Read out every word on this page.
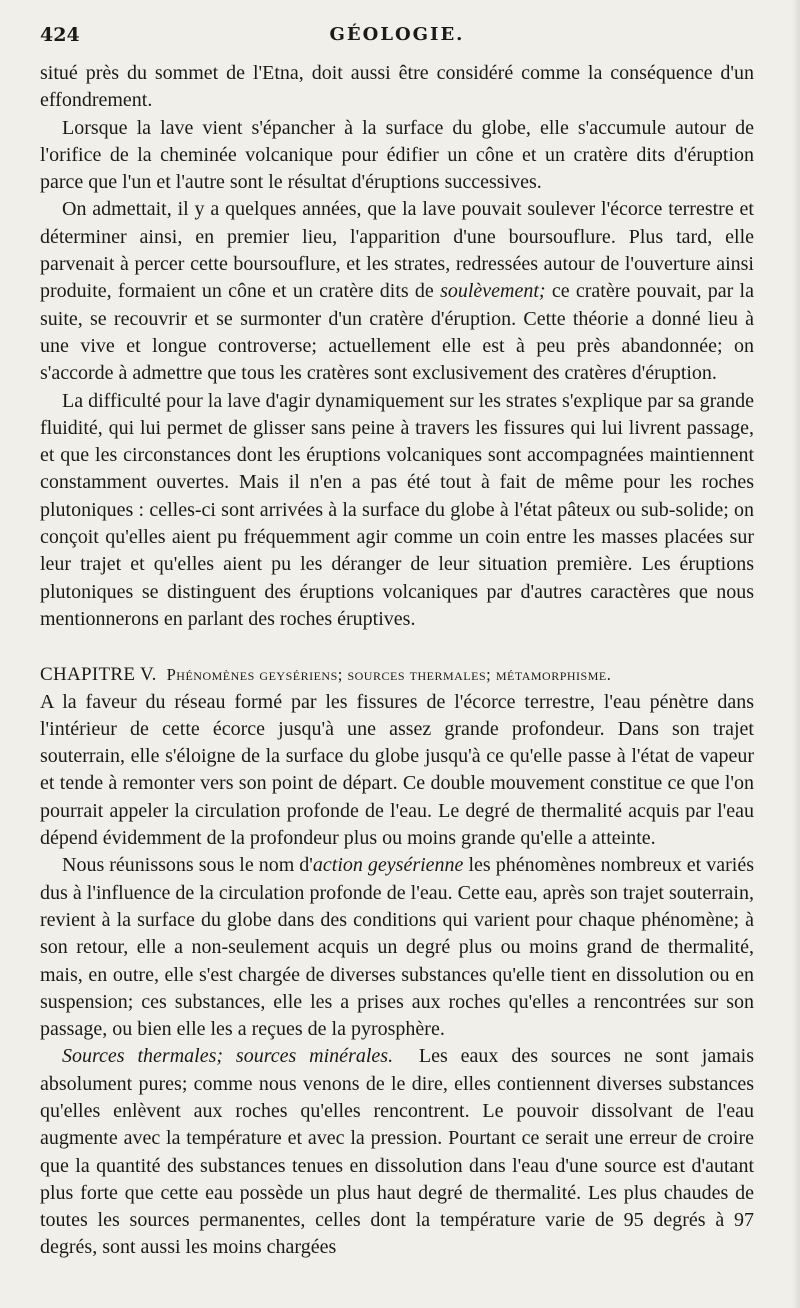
424	GÉOLOGIE.

situé près du sommet de l'Etna, doit aussi être considéré comme la conséquence d'un effondrement.

Lorsque la lave vient s'épancher à la surface du globe, elle s'accumule autour de l'orifice de la cheminée volcanique pour édifier un cône et un cratère dits d'éruption parce que l'un et l'autre sont le résultat d'éruptions successives.

On admettait, il y a quelques années, que la lave pouvait soulever l'écorce terrestre et déterminer ainsi, en premier lieu, l'apparition d'une boursouflure. Plus tard, elle parvenait à percer cette boursouflure, et les strates, redressées autour de l'ouverture ainsi produite, formaient un cône et un cratère dits de soulèvement; ce cratère pouvait, par la suite, se recouvrir et se surmonter d'un cratère d'éruption. Cette théorie a donné lieu à une vive et longue controverse; actuellement elle est à peu près abandonnée; on s'accorde à admettre que tous les cratères sont exclusivement des cratères d'éruption.

La difficulté pour la lave d'agir dynamiquement sur les strates s'explique par sa grande fluidité, qui lui permet de glisser sans peine à travers les fissures qui lui livrent passage, et que les circonstances dont les éruptions volcaniques sont accompagnées maintiennent constamment ouvertes. Mais il n'en a pas été tout à fait de même pour les roches plutoniques : celles-ci sont arrivées à la surface du globe à l'état pâteux ou sub-solide; on conçoit qu'elles aient pu fréquemment agir comme un coin entre les masses placées sur leur trajet et qu'elles aient pu les déranger de leur situation première. Les éruptions plutoniques se distinguent des éruptions volcaniques par d'autres caractères que nous mentionnerons en parlant des roches éruptives.

CHAPITRE V. Phénomènes geysériens; sources thermales; métamorphisme.

A la faveur du réseau formé par les fissures de l'écorce terrestre, l'eau pénètre dans l'intérieur de cette écorce jusqu'à une assez grande profondeur. Dans son trajet souterrain, elle s'éloigne de la surface du globe jusqu'à ce qu'elle passe à l'état de vapeur et tende à remonter vers son point de départ. Ce double mouvement constitue ce que l'on pourrait appeler la circulation profonde de l'eau. Le degré de thermalité acquis par l'eau dépend évidemment de la profondeur plus ou moins grande qu'elle a atteinte.

Nous réunissons sous le nom d'action geysérienne les phénomènes nombreux et variés dus à l'influence de la circulation profonde de l'eau. Cette eau, après son trajet souterrain, revient à la surface du globe dans des conditions qui varient pour chaque phénomène; à son retour, elle a non-seulement acquis un degré plus ou moins grand de thermalité, mais, en outre, elle s'est chargée de diverses substances qu'elle tient en dissolution ou en suspension; ces substances, elle les a prises aux roches qu'elles a rencontrées sur son passage, ou bien elle les a reçues de la pyrosphère.

Sources thermales; sources minérales. Les eaux des sources ne sont jamais absolument pures; comme nous venons de le dire, elles contiennent diverses substances qu'elles enlèvent aux roches qu'elles rencontrent. Le pouvoir dissolvant de l'eau augmente avec la température et avec la pression. Pourtant ce serait une erreur de croire que la quantité des substances tenues en dissolution dans l'eau d'une source est d'autant plus forte que cette eau possède un plus haut degré de thermalité. Les plus chaudes de toutes les sources permanentes, celles dont la température varie de 95 degrés à 97 degrés, sont aussi les moins chargées
